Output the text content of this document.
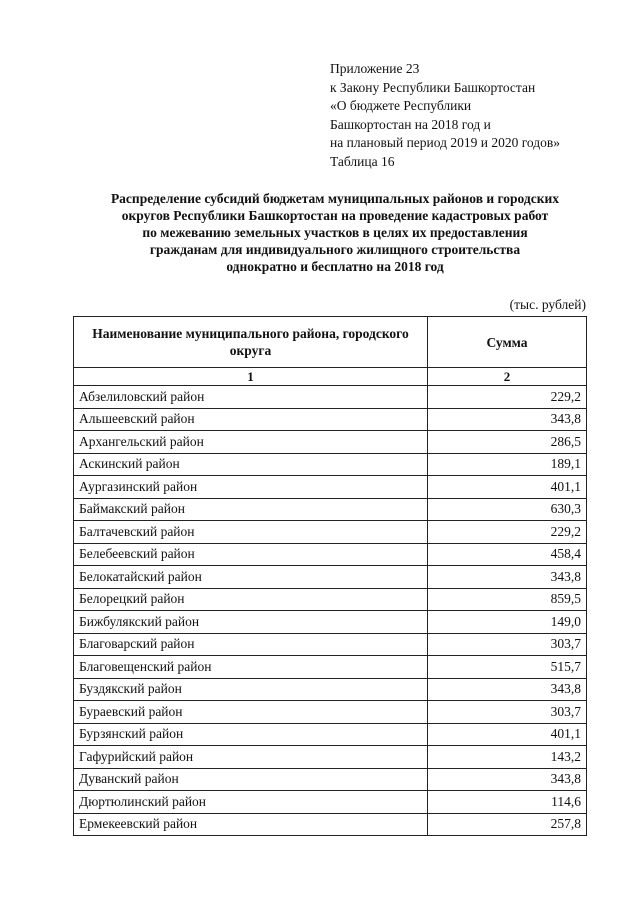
Приложение 23
к Закону Республики Башкортостан
«О бюджете Республики
Башкортостан на 2018 год и
на плановый период 2019 и 2020 годов»
Таблица 16
Распределение субсидий бюджетам муниципальных районов и городских
округов Республики Башкортостан на проведение кадастровых работ
по межеванию земельных участков в целях их предоставления
гражданам для индивидуального жилищного строительства
однократно и бесплатно на 2018 год
(тыс. рублей)
Наименование муниципального района, городского округа	Сумма
1	2
Абзелиловский район	229,2
Альшеевский район	343,8
Архангельский район	286,5
Аскинский район	189,1
Аургазинский район	401,1
Баймакский район	630,3
Балтачевский район	229,2
Белебеевский район	458,4
Белокатайский район	343,8
Белорецкий район	859,5
Бижбулякский район	149,0
Благоварский район	303,7
Благовещенский район	515,7
Буздякский район	343,8
Бураевский район	303,7
Бурзянский район	401,1
Гафурийский район	143,2
Дуванский район	343,8
Дюртюлинский район	114,6
Ермекеевский район	257,8
